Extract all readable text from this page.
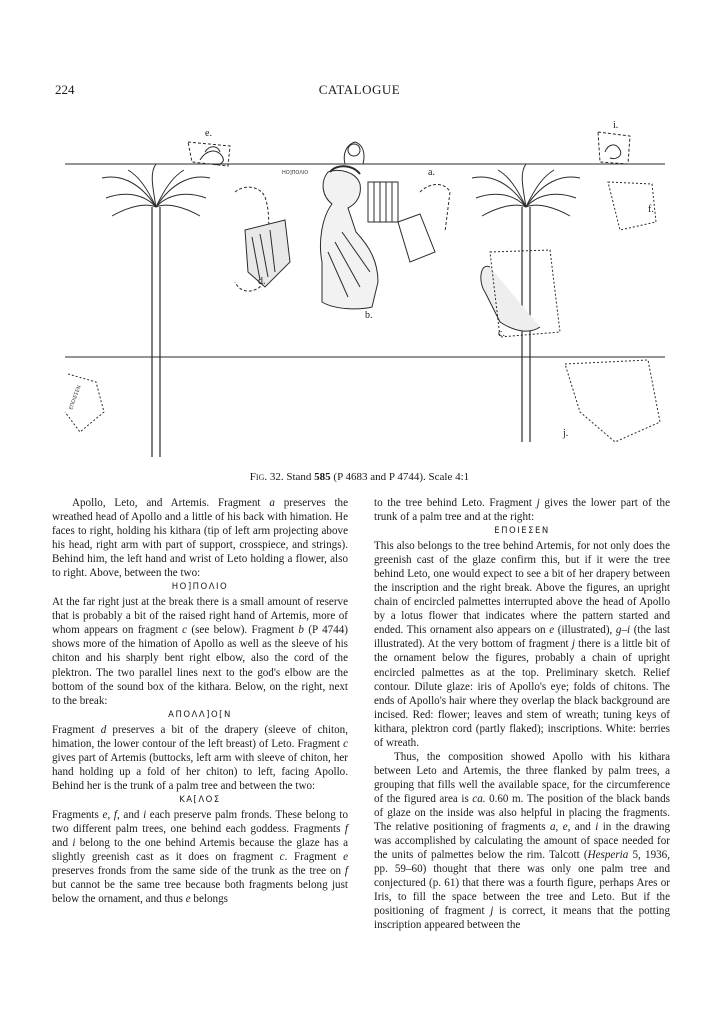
224	CATALOGUE
e.
i.
a.
f.
d.
b.
c.
j.
HO]ΠOΛΙΟ
ΕΠΟΙΕΣΕΝ
Fig. 32. Stand 585 (P 4683 and P 4744). Scale 4:1

Apollo, Leto, and Artemis. Fragment a preserves the wreathed head of Apollo and a little of his back with himation. He faces to right, holding his kithara (tip of left arm projecting above his head, right arm with part of support, crosspiece, and strings). Behind him, the left hand and wrist of Leto holding a flower, also to right. Above, between the two:

HO]ΠOΛΙΟ

At the far right just at the break there is a small amount of reserve that is probably a bit of the raised right hand of Artemis, more of whom appears on fragment c (see below). Fragment b (P 4744) shows more of the himation of Apollo as well as the sleeve of his chiton and his sharply bent right elbow, also the cord of the plektron. The two parallel lines next to the god's elbow are the bottom of the sound box of the kithara. Below, on the right, next to the break:

AΠOΛΛ]O[N

Fragment d preserves a bit of the drapery (sleeve of chiton, himation, the lower contour of the left breast) of Leto. Fragment c gives part of Artemis (buttocks, left arm with sleeve of chiton, her hand holding up a fold of her chiton) to left, facing Apollo. Behind her is the trunk of a palm tree and between the two:

KA[ΛOΣ

Fragments e, f, and i each preserve palm fronds. These belong to two different palm trees, one behind each goddess. Fragments f and i belong to the one behind Artemis because the glaze has a slightly greenish cast as it does on fragment c. Fragment e preserves fronds from the same side of the trunk as the tree on f but cannot be the same tree because both fragments belong just below the ornament, and thus e belongs

to the tree behind Leto. Fragment j gives the lower part of the trunk of a palm tree and at the right:

ΕΠΟΙΕΣΕΝ

This also belongs to the tree behind Artemis, for not only does the greenish cast of the glaze confirm this, but if it were the tree behind Leto, one would expect to see a bit of her drapery between the inscription and the right break. Above the figures, an upright chain of encircled palmettes interrupted above the head of Apollo by a lotus flower that indicates where the pattern started and ended. This ornament also appears on e (illustrated), g–i (the last illustrated). At the very bottom of fragment j there is a little bit of the ornament below the figures, probably a chain of upright encircled palmettes as at the top. Preliminary sketch. Relief contour. Dilute glaze: iris of Apollo's eye; folds of chitons. The ends of Apollo's hair where they overlap the black background are incised. Red: flower; leaves and stem of wreath; tuning keys of kithara, plektron cord (partly flaked); inscriptions. White: berries of wreath.

Thus, the composition showed Apollo with his kithara between Leto and Artemis, the three flanked by palm trees, a grouping that fills well the available space, for the circumference of the figured area is ca. 0.60 m. The position of the black bands of glaze on the inside was also helpful in placing the fragments. The relative positioning of fragments a, e, and i in the drawing was accomplished by calculating the amount of space needed for the units of palmettes below the rim. Talcott (Hesperia 5, 1936, pp. 59–60) thought that there was only one palm tree and conjectured (p. 61) that there was a fourth figure, perhaps Ares or Iris, to fill the space between the tree and Leto. But if the positioning of fragment j is correct, it means that the potting inscription appeared between the
